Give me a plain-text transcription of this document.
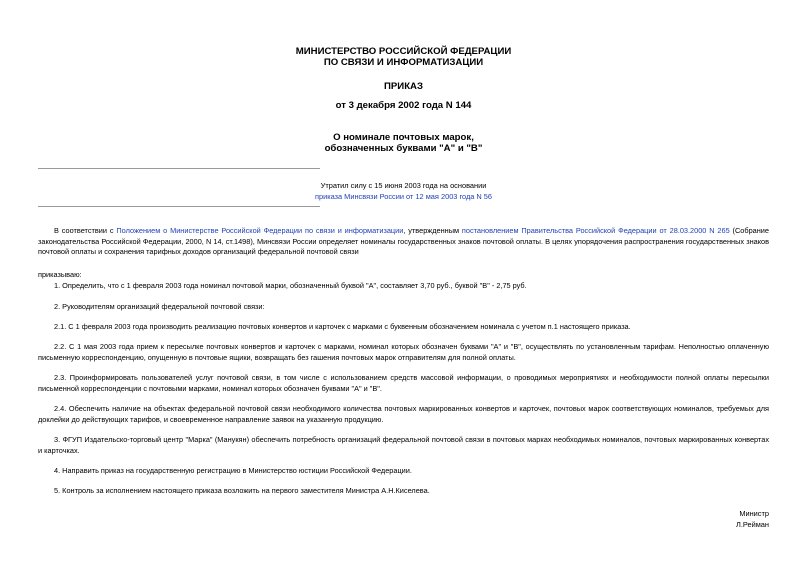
МИНИСТЕРСТВО РОССИЙСКОЙ ФЕДЕРАЦИИ
ПО СВЯЗИ И ИНФОРМАТИЗАЦИИ
ПРИКАЗ
от 3 декабря 2002 года N 144
О номинале почтовых марок,
обозначенных буквами "А" и "В"
Утратил силу с 15 июня 2003 года на основании
приказа Минсвязи России от 12 мая 2003 года N 56
В соответствии с Положением о Министерстве Российской Федерации по связи и информатизации, утвержденным постановлением Правительства Российской Федерации от 28.03.2000 N 265 (Собрание законодательства Российской Федерации, 2000, N 14, ст.1498), Минсвязи России определяет номиналы государственных знаков почтовой оплаты. В целях упорядочения распространения государственных знаков почтовой оплаты и сохранения тарифных доходов организаций федеральной почтовой связи
приказываю:
1. Определить, что с 1 февраля 2003 года номинал почтовой марки, обозначенный буквой "А", составляет 3,70 руб., буквой "В" - 2,75 руб.
2. Руководителям организаций федеральной почтовой связи:
2.1. С 1 февраля 2003 года производить реализацию почтовых конвертов и карточек с марками с буквенным обозначением номинала с учетом п.1 настоящего приказа.
2.2. С 1 мая 2003 года прием к пересылке почтовых конвертов и карточек с марками, номинал которых обозначен буквами "А" и "В", осуществлять по установленным тарифам. Неполностью оплаченную письменную корреспонденцию, опущенную в почтовые ящики, возвращать без гашения почтовых марок отправителям для полной оплаты.
2.3. Проинформировать пользователей услуг почтовой связи, в том числе с использованием средств массовой информации, о проводимых мероприятиях и необходимости полной оплаты пересылки письменной корреспонденции с почтовыми марками, номинал которых обозначен буквами "А" и "В".
2.4. Обеспечить наличие на объектах федеральной почтовой связи необходимого количества почтовых маркированных конвертов и карточек, почтовых марок соответствующих номиналов, требуемых для доклейки до действующих тарифов, и своевременное направление заявок на указанную продукцию.
3. ФГУП Издательско-торговый центр "Марка" (Манукян) обеспечить потребность организаций федеральной почтовой связи в почтовых марках необходимых номиналов, почтовых маркированных конвертах и карточках.
4. Направить приказ на государственную регистрацию в Министерство юстиции Российской Федерации.
5. Контроль за исполнением настоящего приказа возложить на первого заместителя Министра А.Н.Киселева.
Министр
Л.Рейман
